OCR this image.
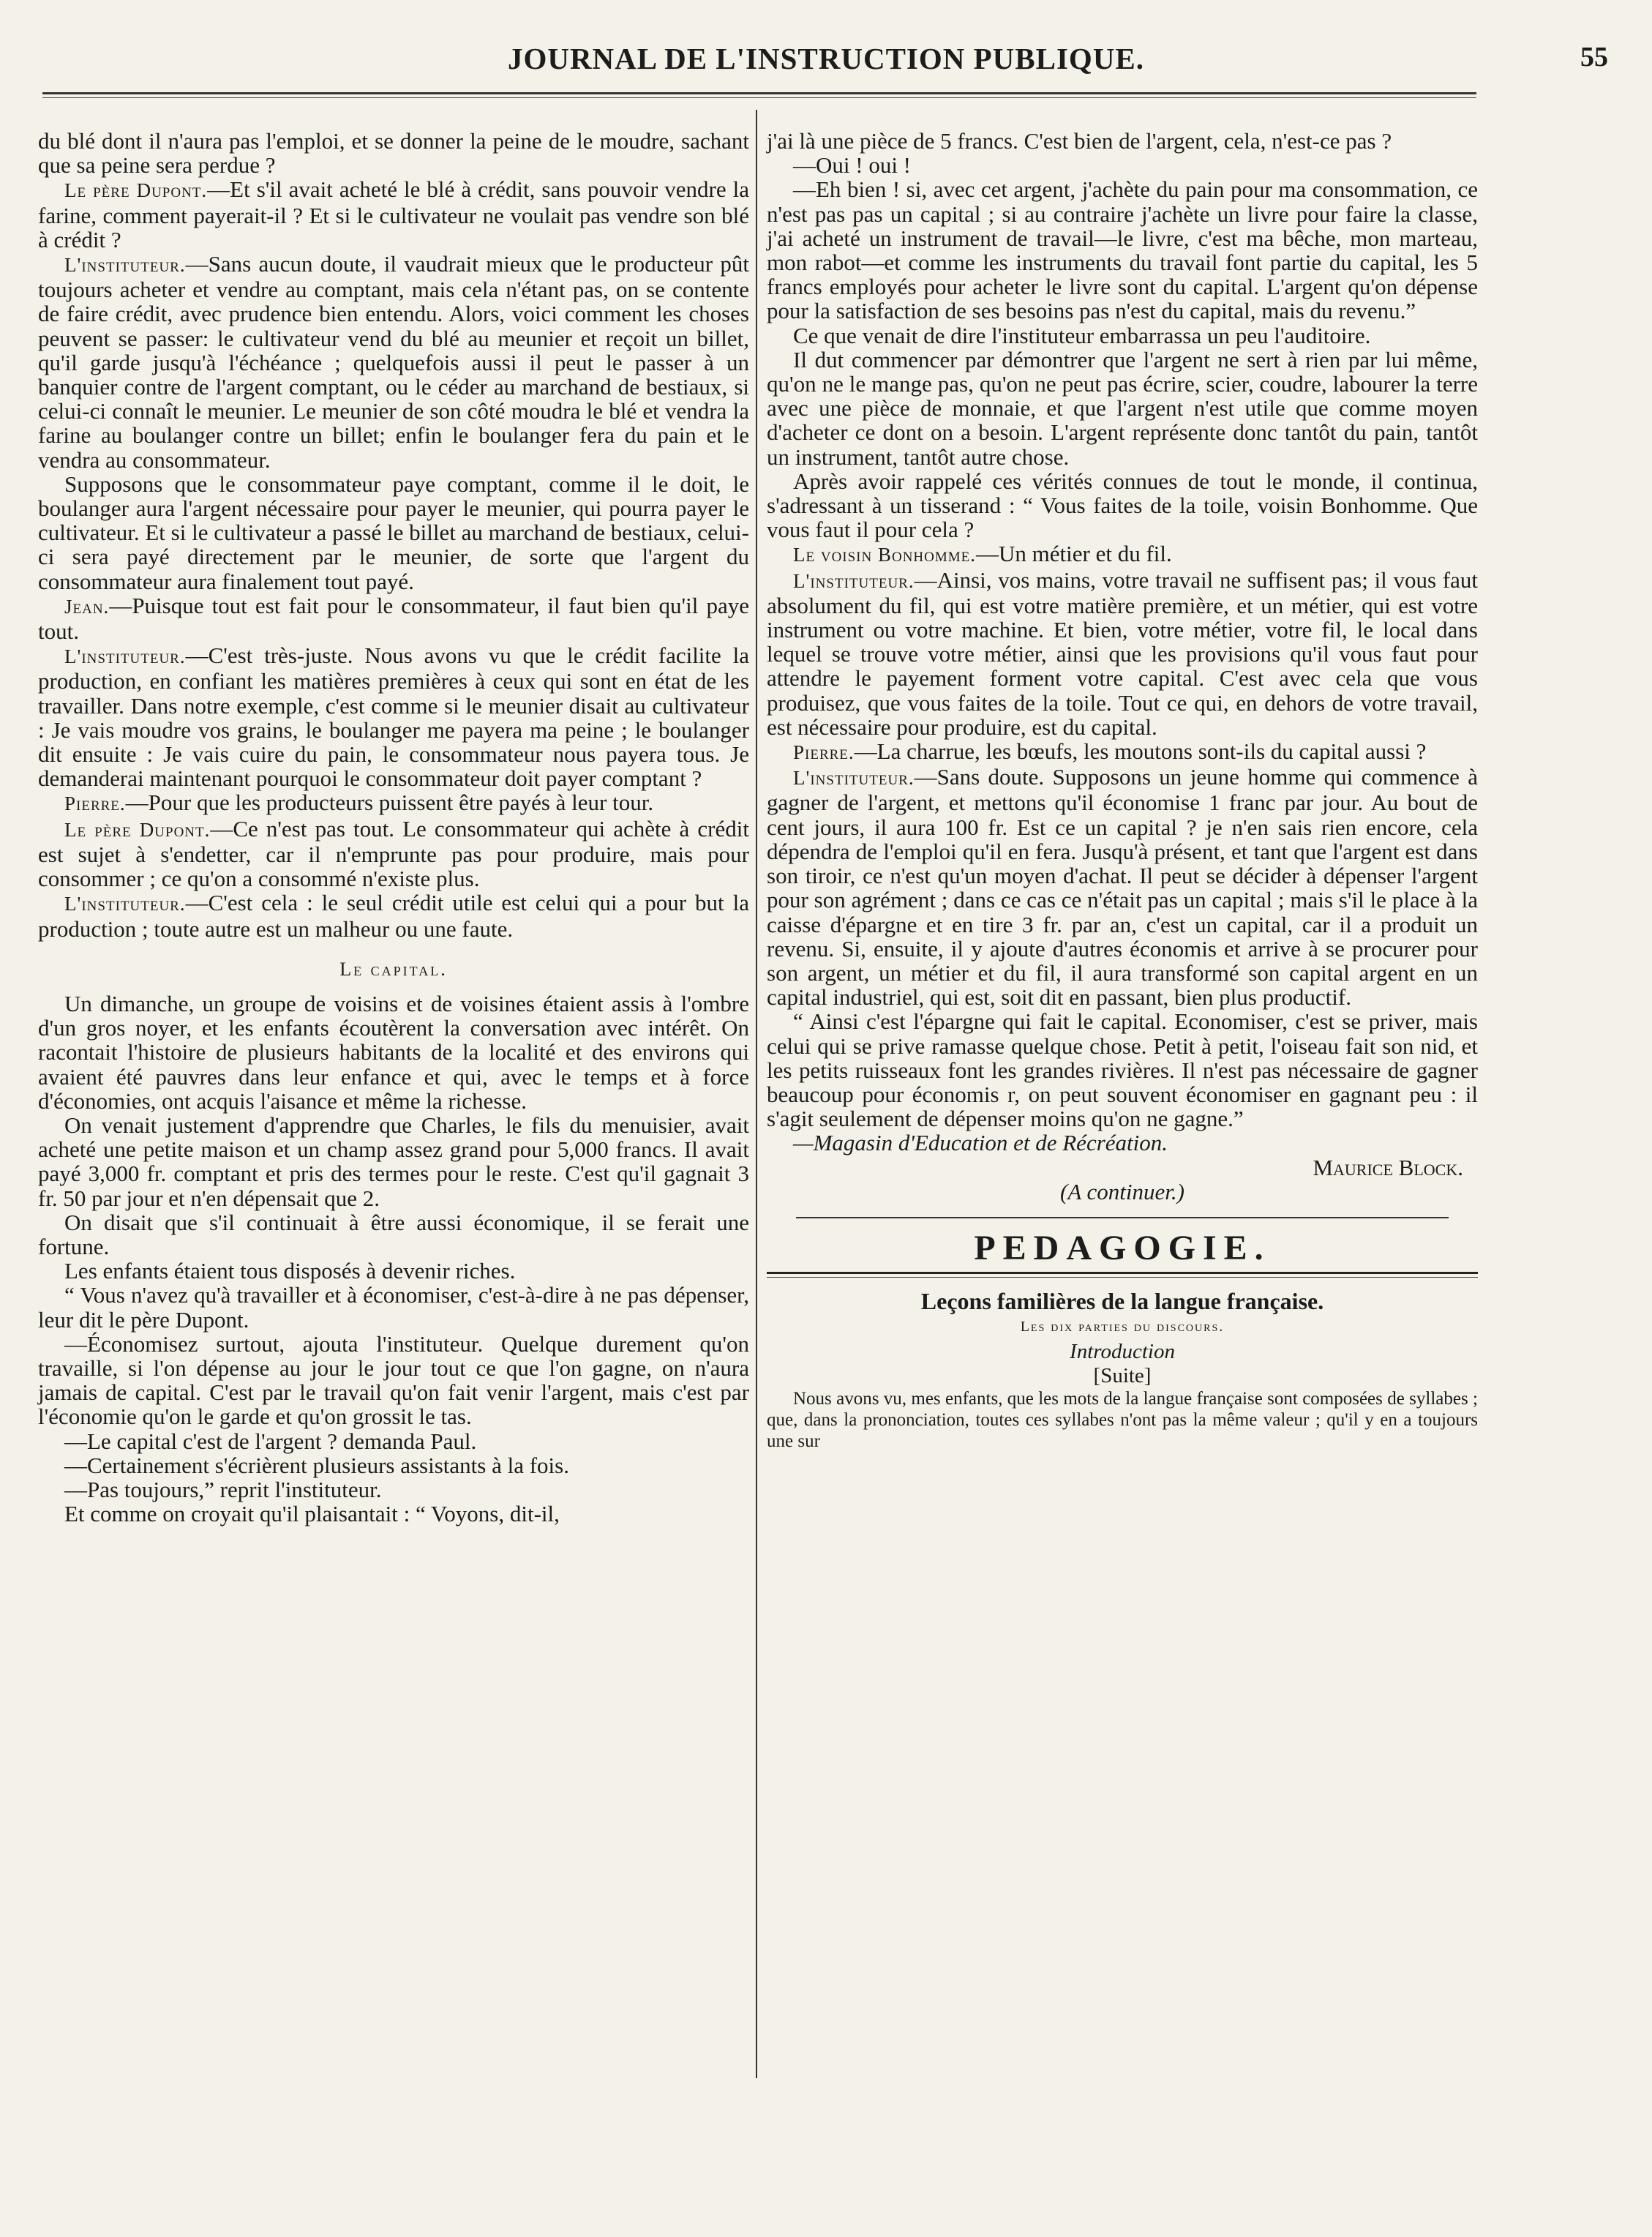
JOURNAL DE L'INSTRUCTION PUBLIQUE.	55

du blé dont il n'aura pas l'emploi, et se donner la peine de le moudre, sachant que sa peine sera perdue ?

Le père Dupont.—Et s'il avait acheté le blé à crédit, sans pouvoir vendre la farine, comment payerait-il ? Et si le cultivateur ne voulait pas vendre son blé à crédit ?

L'instituteur.—Sans aucun doute, il vaudrait mieux que le producteur pût toujours acheter et vendre au comptant, mais cela n'étant pas, on se contente de faire crédit, avec prudence bien entendu. Alors, voici comment les choses peuvent se passer: le cultivateur vend du blé au meunier et reçoit un billet, qu'il garde jusqu'à l'échéance ; quelquefois aussi il peut le passer à un banquier contre de l'argent comptant, ou le céder au marchand de bestiaux, si celui-ci connaît le meunier. Le meunier de son côté moudra le blé et vendra la farine au boulanger contre un billet; enfin le boulanger fera du pain et le vendra au consommateur.

Supposons que le consommateur paye comptant, comme il le doit, le boulanger aura l'argent nécessaire pour payer le meunier, qui pourra payer le cultivateur. Et si le cultivateur a passé le billet au marchand de bestiaux, celui-ci sera payé directement par le meunier, de sorte que l'argent du consommateur aura finalement tout payé.

Jean.—Puisque tout est fait pour le consommateur, il faut bien qu'il paye tout.

L'instituteur.—C'est très-juste. Nous avons vu que le crédit facilite la production, en confiant les matières premières à ceux qui sont en état de les travailler. Dans notre exemple, c'est comme si le meunier disait au cultivateur : Je vais moudre vos grains, le boulanger me payera ma peine ; le boulanger dit ensuite : Je vais cuire du pain, le consommateur nous payera tous. Je demanderai maintenant pourquoi le consommateur doit payer comptant ?

Pierre.—Pour que les producteurs puissent être payés à leur tour.

Le père Dupont.—Ce n'est pas tout. Le consommateur qui achète à crédit est sujet à s'endetter, car il n'emprunte pas pour produire, mais pour consommer ; ce qu'on a consommé n'existe plus.

L'instituteur.—C'est cela : le seul crédit utile est celui qui a pour but la production ; toute autre est un malheur ou une faute.

Le capital.

Un dimanche, un groupe de voisins et de voisines étaient assis à l'ombre d'un gros noyer, et les enfants écoutèrent la conversation avec intérêt. On racontait l'histoire de plusieurs habitants de la localité et des environs qui avaient été pauvres dans leur enfance et qui, avec le temps et à force d'économies, ont acquis l'aisance et même la richesse.

On venait justement d'apprendre que Charles, le fils du menuisier, avait acheté une petite maison et un champ assez grand pour 5,000 francs. Il avait payé 3,000 fr. comptant et pris des termes pour le reste. C'est qu'il gagnait 3 fr. 50 par jour et n'en dépensait que 2.

On disait que s'il continuait à être aussi économique, il se ferait une fortune.

Les enfants étaient tous disposés à devenir riches.

“ Vous n'avez qu'à travailler et à économiser, c'est-à-dire à ne pas dépenser, leur dit le père Dupont.

—Économisez surtout, ajouta l'instituteur. Quelque durement qu'on travaille, si l'on dépense au jour le jour tout ce que l'on gagne, on n'aura jamais de capital. C'est par le travail qu'on fait venir l'argent, mais c'est par l'économie qu'on le garde et qu'on grossit le tas.

—Le capital c'est de l'argent ? demanda Paul.

—Certainement s'écrièrent plusieurs assistants à la fois.

—Pas toujours,” reprit l'instituteur.

Et comme on croyait qu'il plaisantait : “ Voyons, dit-il,

j'ai là une pièce de 5 francs. C'est bien de l'argent, cela, n'est-ce pas ?

—Oui ! oui !

—Eh bien ! si, avec cet argent, j'achète du pain pour ma consommation, ce n'est pas pas un capital ; si au contraire j'achète un livre pour faire la classe, j'ai acheté un instrument de travail—le livre, c'est ma bêche, mon marteau, mon rabot—et comme les instruments du travail font partie du capital, les 5 francs employés pour acheter le livre sont du capital. L'argent qu'on dépense pour la satisfaction de ses besoins pas n'est du capital, mais du revenu.”

Ce que venait de dire l'instituteur embarrassa un peu l'auditoire.

Il dut commencer par démontrer que l'argent ne sert à rien par lui même, qu'on ne le mange pas, qu'on ne peut pas écrire, scier, coudre, labourer la terre avec une pièce de monnaie, et que l'argent n'est utile que comme moyen d'acheter ce dont on a besoin. L'argent représente donc tantôt du pain, tantôt un instrument, tantôt autre chose.

Après avoir rappelé ces vérités connues de tout le monde, il continua, s'adressant à un tisserand : “ Vous faites de la toile, voisin Bonhomme. Que vous faut il pour cela ?

Le voisin Bonhomme.—Un métier et du fil.

L'instituteur.—Ainsi, vos mains, votre travail ne suffisent pas; il vous faut absolument du fil, qui est votre matière première, et un métier, qui est votre instrument ou votre machine. Et bien, votre métier, votre fil, le local dans lequel se trouve votre métier, ainsi que les provisions qu'il vous faut pour attendre le payement forment votre capital. C'est avec cela que vous produisez, que vous faites de la toile. Tout ce qui, en dehors de votre travail, est nécessaire pour produire, est du capital.

Pierre.—La charrue, les bœufs, les moutons sont-ils du capital aussi ?

L'instituteur.—Sans doute. Supposons un jeune homme qui commence à gagner de l'argent, et mettons qu'il économise 1 franc par jour. Au bout de cent jours, il aura 100 fr. Est ce un capital ? je n'en sais rien encore, cela dépendra de l'emploi qu'il en fera. Jusqu'à présent, et tant que l'argent est dans son tiroir, ce n'est qu'un moyen d'achat. Il peut se décider à dépenser l'argent pour son agrément ; dans ce cas ce n'était pas un capital ; mais s'il le place à la caisse d'épargne et en tire 3 fr. par an, c'est un capital, car il a produit un revenu. Si, ensuite, il y ajoute d'autres économis et arrive à se procurer pour son argent, un métier et du fil, il aura transformé son capital argent en un capital industriel, qui est, soit dit en passant, bien plus productif.

“ Ainsi c'est l'épargne qui fait le capital. Economiser, c'est se priver, mais celui qui se prive ramasse quelque chose. Petit à petit, l'oiseau fait son nid, et les petits ruisseaux font les grandes rivières. Il n'est pas nécessaire de gagner beaucoup pour économis r, on peut souvent économiser en gagnant peu : il s'agit seulement de dépenser moins qu'on ne gagne.”

—Magasin d'Education et de Récréation.

Maurice Block.
(A continuer.)
PEDAGOGIE.
Leçons familières de la langue française.
Les dix parties du discours.
Introduction
[Suite]

Nous avons vu, mes enfants, que les mots de la langue française sont composées de syllabes ; que, dans la prononciation, toutes ces syllabes n'ont pas la même valeur ; qu'il y en a toujours une sur
